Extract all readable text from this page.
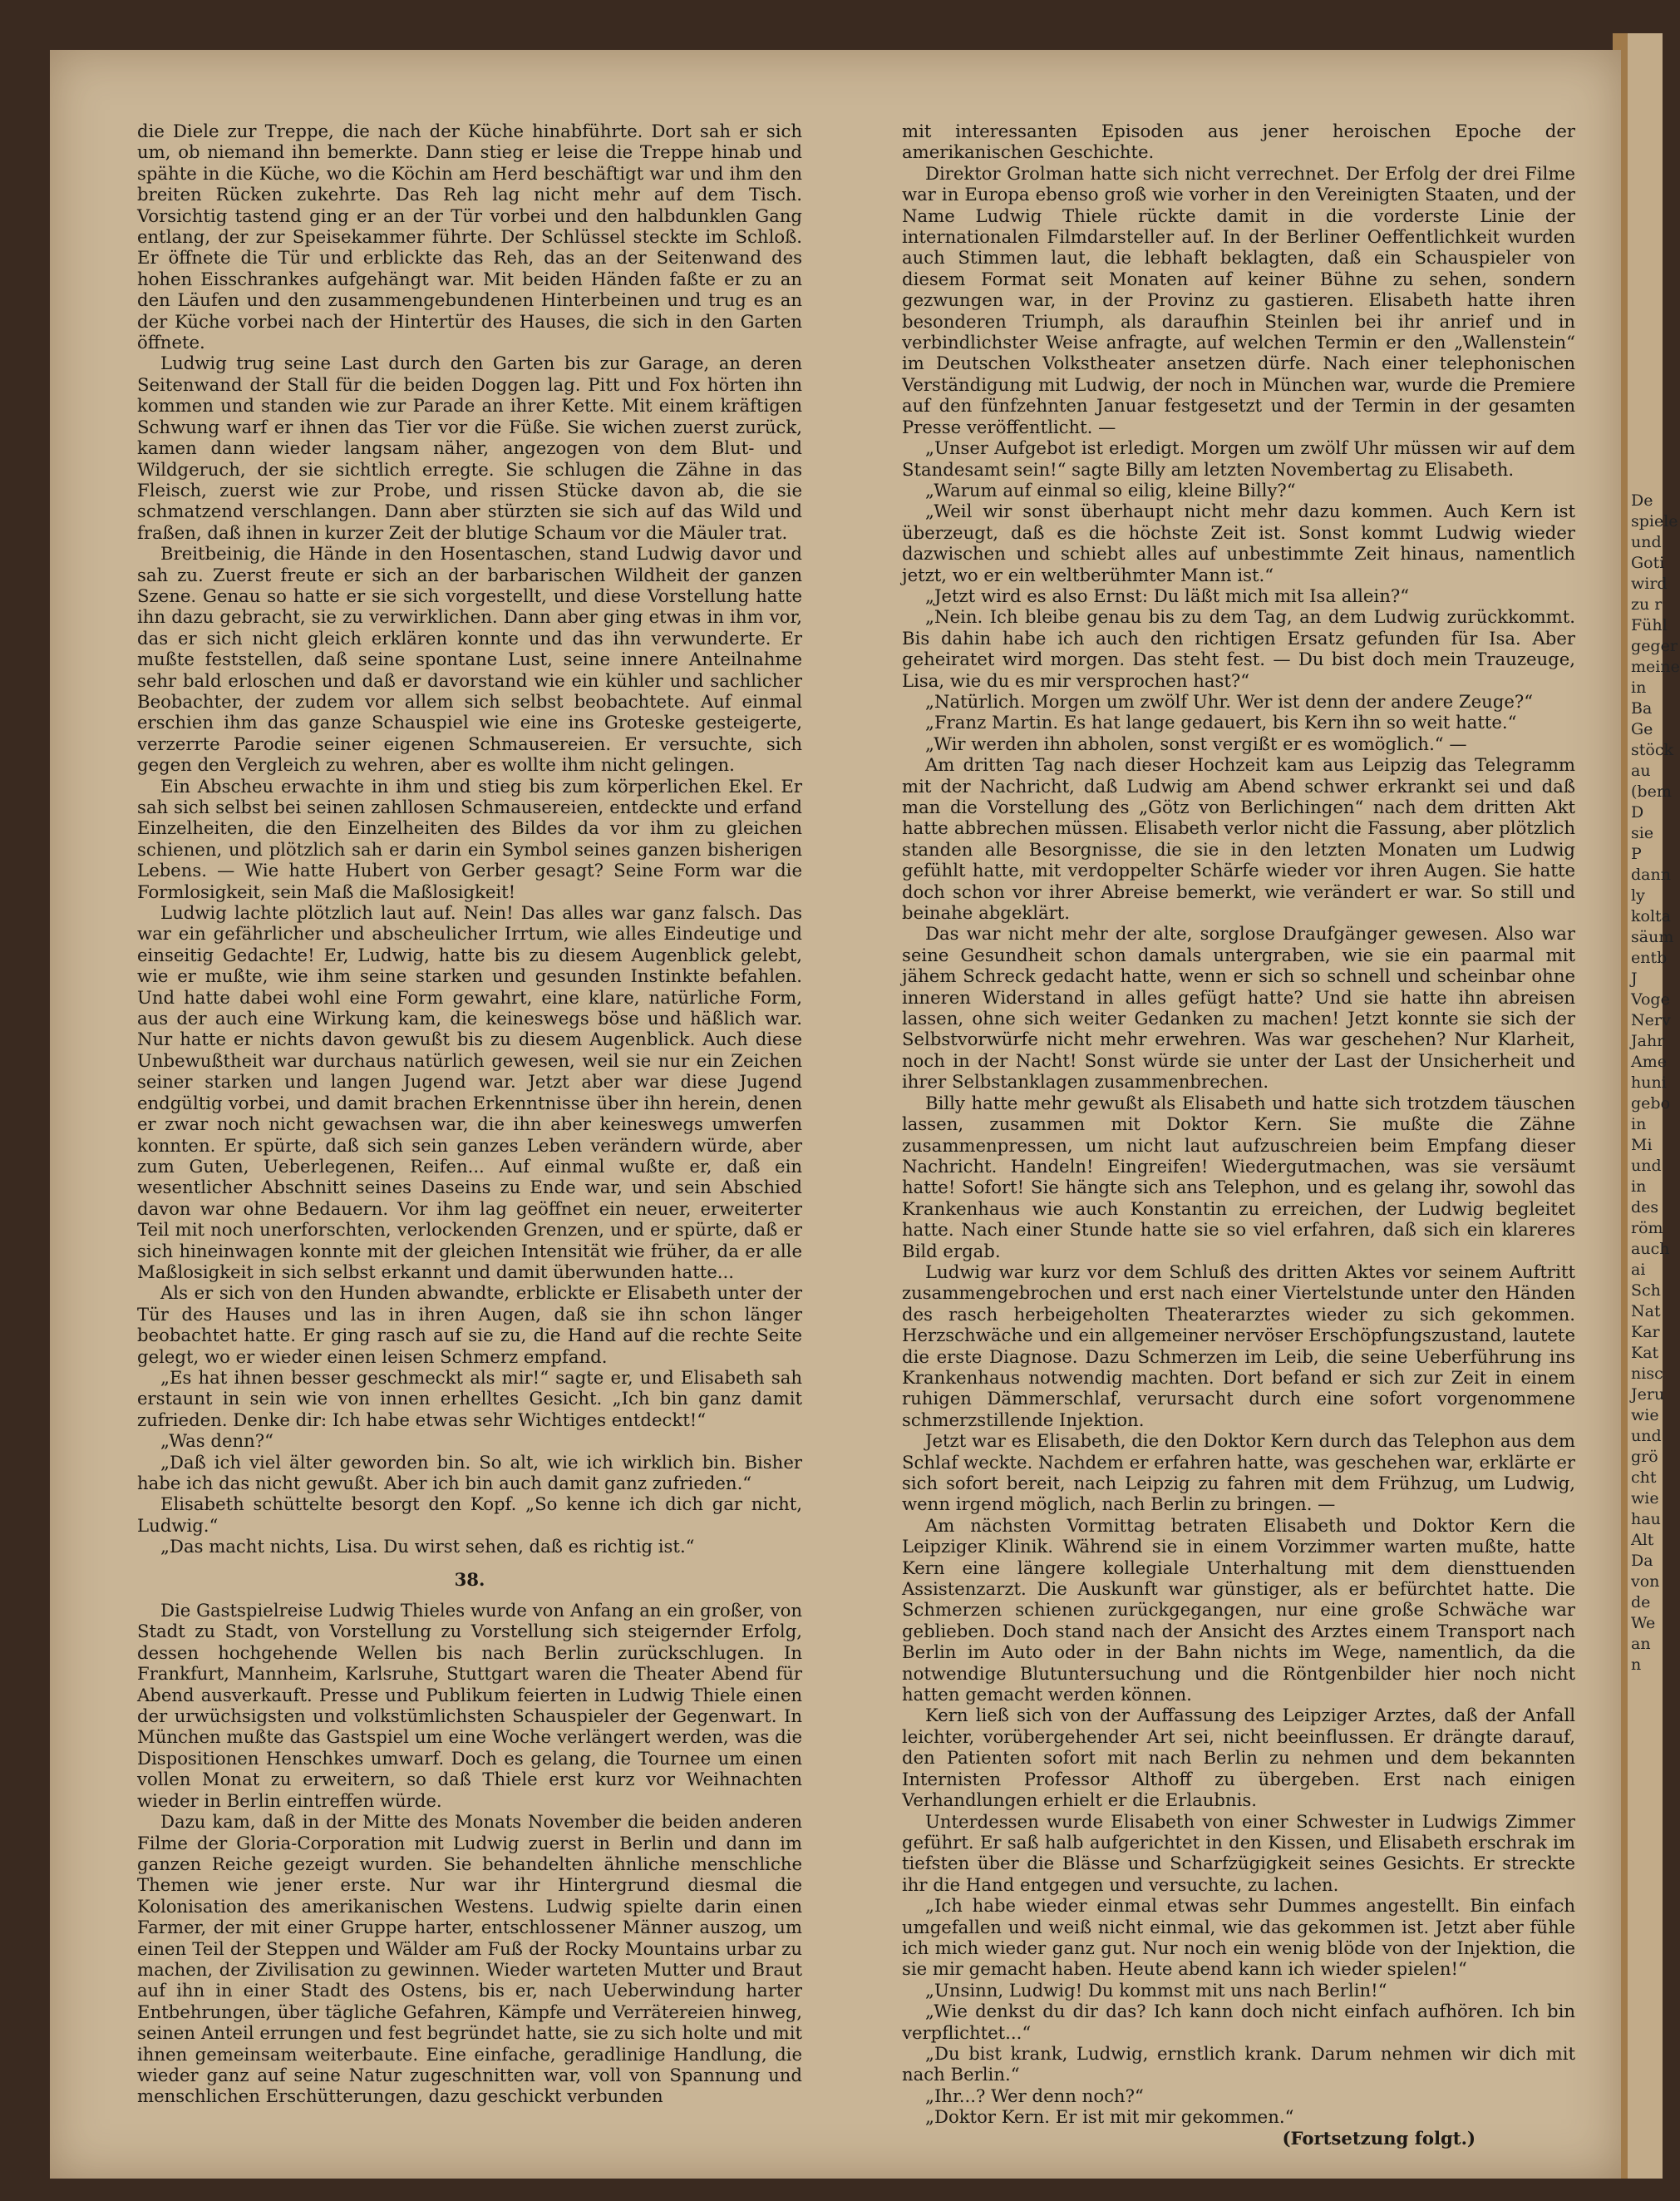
De
spiele
und
Goti
wird
zu r
Fühl
geger
meine
in
Ba
Ge
stöck
au
(bem
D
sie
P
dann
ly
kolta
säum
entb
J
Voge
Nerv
Jahr
Ame
huni
gebo
in
Mi
und
in
des
röm
auch
ai
Sch
Nat
Kar
Kat
nisc
Jeru
wie
und
grö
cht
wie
hau
Alt
Da
von
de
We
an
n

die Diele zur Treppe, die nach der Küche hinabführte. Dort sah er sich um, ob niemand ihn bemerkte. Dann stieg er leise die Treppe hinab und spähte in die Küche, wo die Köchin am Herd beschäftigt war und ihm den breiten Rücken zukehrte. Das Reh lag nicht mehr auf dem Tisch. Vorsichtig tastend ging er an der Tür vorbei und den halbdunklen Gang entlang, der zur Speisekammer führte. Der Schlüssel steckte im Schloß. Er öffnete die Tür und erblickte das Reh, das an der Seitenwand des hohen Eisschrankes aufgehängt war. Mit beiden Händen faßte er zu an den Läufen und den zusammengebundenen Hinterbeinen und trug es an der Küche vorbei nach der Hintertür des Hauses, die sich in den Garten öffnete.

Ludwig trug seine Last durch den Garten bis zur Garage, an deren Seitenwand der Stall für die beiden Doggen lag. Pitt und Fox hörten ihn kommen und standen wie zur Parade an ihrer Kette. Mit einem kräftigen Schwung warf er ihnen das Tier vor die Füße. Sie wichen zuerst zurück, kamen dann wieder langsam näher, angezogen von dem Blut- und Wildgeruch, der sie sichtlich erregte. Sie schlugen die Zähne in das Fleisch, zuerst wie zur Probe, und rissen Stücke davon ab, die sie schmatzend verschlangen. Dann aber stürzten sie sich auf das Wild und fraßen, daß ihnen in kurzer Zeit der blutige Schaum vor die Mäuler trat.

Breitbeinig, die Hände in den Hosentaschen, stand Ludwig davor und sah zu. Zuerst freute er sich an der barbarischen Wildheit der ganzen Szene. Genau so hatte er sie sich vorgestellt, und diese Vorstellung hatte ihn dazu gebracht, sie zu verwirklichen. Dann aber ging etwas in ihm vor, das er sich nicht gleich erklären konnte und das ihn verwunderte. Er mußte feststellen, daß seine spontane Lust, seine innere Anteilnahme sehr bald erloschen und daß er davorstand wie ein kühler und sachlicher Beobachter, der zudem vor allem sich selbst beobachtete. Auf einmal erschien ihm das ganze Schauspiel wie eine ins Groteske gesteigerte, verzerrte Parodie seiner eigenen Schmausereien. Er versuchte, sich gegen den Vergleich zu wehren, aber es wollte ihm nicht gelingen.

Ein Abscheu erwachte in ihm und stieg bis zum körperlichen Ekel. Er sah sich selbst bei seinen zahllosen Schmausereien, entdeckte und erfand Einzelheiten, die den Einzelheiten des Bildes da vor ihm zu gleichen schienen, und plötzlich sah er darin ein Symbol seines ganzen bisherigen Lebens. — Wie hatte Hubert von Gerber gesagt? Seine Form war die Formlosigkeit, sein Maß die Maßlosigkeit!

Ludwig lachte plötzlich laut auf. Nein! Das alles war ganz falsch. Das war ein gefährlicher und abscheulicher Irrtum, wie alles Eindeutige und einseitig Gedachte! Er, Ludwig, hatte bis zu diesem Augenblick gelebt, wie er mußte, wie ihm seine starken und gesunden Instinkte befahlen. Und hatte dabei wohl eine Form gewahrt, eine klare, natürliche Form, aus der auch eine Wirkung kam, die keineswegs böse und häßlich war. Nur hatte er nichts davon gewußt bis zu diesem Augenblick. Auch diese Unbewußtheit war durchaus natürlich gewesen, weil sie nur ein Zeichen seiner starken und langen Jugend war. Jetzt aber war diese Jugend endgültig vorbei, und damit brachen Erkenntnisse über ihn herein, denen er zwar noch nicht gewachsen war, die ihn aber keineswegs umwerfen konnten. Er spürte, daß sich sein ganzes Leben verändern würde, aber zum Guten, Ueberlegenen, Reifen... Auf einmal wußte er, daß ein wesentlicher Abschnitt seines Daseins zu Ende war, und sein Abschied davon war ohne Bedauern. Vor ihm lag geöffnet ein neuer, erweiterter Teil mit noch unerforschten, verlockenden Grenzen, und er spürte, daß er sich hineinwagen konnte mit der gleichen Intensität wie früher, da er alle Maßlosigkeit in sich selbst erkannt und damit überwunden hatte...

Als er sich von den Hunden abwandte, erblickte er Elisabeth unter der Tür des Hauses und las in ihren Augen, daß sie ihn schon länger beobachtet hatte. Er ging rasch auf sie zu, die Hand auf die rechte Seite gelegt, wo er wieder einen leisen Schmerz empfand.

„Es hat ihnen besser geschmeckt als mir!“ sagte er, und Elisabeth sah erstaunt in sein wie von innen erhelltes Gesicht. „Ich bin ganz damit zufrieden. Denke dir: Ich habe etwas sehr Wichtiges entdeckt!“

„Was denn?“

„Daß ich viel älter geworden bin. So alt, wie ich wirklich bin. Bisher habe ich das nicht gewußt. Aber ich bin auch damit ganz zufrieden.“

Elisabeth schüttelte besorgt den Kopf. „So kenne ich dich gar nicht, Ludwig.“

„Das macht nichts, Lisa. Du wirst sehen, daß es richtig ist.“

38.

Die Gastspielreise Ludwig Thieles wurde von Anfang an ein großer, von Stadt zu Stadt, von Vorstellung zu Vorstellung sich steigernder Erfolg, dessen hochgehende Wellen bis nach Berlin zurückschlugen. In Frankfurt, Mannheim, Karlsruhe, Stuttgart waren die Theater Abend für Abend ausverkauft. Presse und Publikum feierten in Ludwig Thiele einen der urwüchsigsten und volkstümlichsten Schauspieler der Gegenwart. In München mußte das Gastspiel um eine Woche verlängert werden, was die Dispositionen Henschkes umwarf. Doch es gelang, die Tournee um einen vollen Monat zu erweitern, so daß Thiele erst kurz vor Weihnachten wieder in Berlin eintreffen würde.

Dazu kam, daß in der Mitte des Monats November die beiden anderen Filme der Gloria-Corporation mit Ludwig zuerst in Berlin und dann im ganzen Reiche gezeigt wurden. Sie behandelten ähnliche menschliche Themen wie jener erste. Nur war ihr Hintergrund diesmal die Kolonisation des amerikanischen Westens. Ludwig spielte darin einen Farmer, der mit einer Gruppe harter, entschlossener Männer auszog, um einen Teil der Steppen und Wälder am Fuß der Rocky Mountains urbar zu machen, der Zivilisation zu gewinnen. Wieder warteten Mutter und Braut auf ihn in einer Stadt des Ostens, bis er, nach Ueberwindung harter Entbehrungen, über tägliche Gefahren, Kämpfe und Verrätereien hinweg, seinen Anteil errungen und fest begründet hatte, sie zu sich holte und mit ihnen gemeinsam weiterbaute. Eine einfache, geradlinige Handlung, die wieder ganz auf seine Natur zugeschnitten war, voll von Spannung und menschlichen Erschütterungen, dazu geschickt verbunden

mit interessanten Episoden aus jener heroischen Epoche der amerikanischen Geschichte.

Direktor Grolman hatte sich nicht verrechnet. Der Erfolg der drei Filme war in Europa ebenso groß wie vorher in den Vereinigten Staaten, und der Name Ludwig Thiele rückte damit in die vorderste Linie der internationalen Filmdarsteller auf. In der Berliner Oeffentlichkeit wurden auch Stimmen laut, die lebhaft beklagten, daß ein Schauspieler von diesem Format seit Monaten auf keiner Bühne zu sehen, sondern gezwungen war, in der Provinz zu gastieren. Elisabeth hatte ihren besonderen Triumph, als daraufhin Steinlen bei ihr anrief und in verbindlichster Weise anfragte, auf welchen Termin er den „Wallenstein“ im Deutschen Volkstheater ansetzen dürfe. Nach einer telephonischen Verständigung mit Ludwig, der noch in München war, wurde die Premiere auf den fünfzehnten Januar festgesetzt und der Termin in der gesamten Presse veröffentlicht. —

„Unser Aufgebot ist erledigt. Morgen um zwölf Uhr müssen wir auf dem Standesamt sein!“ sagte Billy am letzten Novembertag zu Elisabeth.

„Warum auf einmal so eilig, kleine Billy?“

„Weil wir sonst überhaupt nicht mehr dazu kommen. Auch Kern ist überzeugt, daß es die höchste Zeit ist. Sonst kommt Ludwig wieder dazwischen und schiebt alles auf unbestimmte Zeit hinaus, namentlich jetzt, wo er ein weltberühmter Mann ist.“

„Jetzt wird es also Ernst: Du läßt mich mit Isa allein?“

„Nein. Ich bleibe genau bis zu dem Tag, an dem Ludwig zurückkommt. Bis dahin habe ich auch den richtigen Ersatz gefunden für Isa. Aber geheiratet wird morgen. Das steht fest. — Du bist doch mein Trauzeuge, Lisa, wie du es mir versprochen hast?“

„Natürlich. Morgen um zwölf Uhr. Wer ist denn der andere Zeuge?“

„Franz Martin. Es hat lange gedauert, bis Kern ihn so weit hatte.“

„Wir werden ihn abholen, sonst vergißt er es womöglich.“ —

Am dritten Tag nach dieser Hochzeit kam aus Leipzig das Telegramm mit der Nachricht, daß Ludwig am Abend schwer erkrankt sei und daß man die Vorstellung des „Götz von Berlichingen“ nach dem dritten Akt hatte abbrechen müssen. Elisabeth verlor nicht die Fassung, aber plötzlich standen alle Besorgnisse, die sie in den letzten Monaten um Ludwig gefühlt hatte, mit verdoppelter Schärfe wieder vor ihren Augen. Sie hatte doch schon vor ihrer Abreise bemerkt, wie verändert er war. So still und beinahe abgeklärt.

Das war nicht mehr der alte, sorglose Draufgänger gewesen. Also war seine Gesundheit schon damals untergraben, wie sie ein paarmal mit jähem Schreck gedacht hatte, wenn er sich so schnell und scheinbar ohne inneren Widerstand in alles gefügt hatte? Und sie hatte ihn abreisen lassen, ohne sich weiter Gedanken zu machen! Jetzt konnte sie sich der Selbstvorwürfe nicht mehr erwehren. Was war geschehen? Nur Klarheit, noch in der Nacht! Sonst würde sie unter der Last der Unsicherheit und ihrer Selbstanklagen zusammenbrechen.

Billy hatte mehr gewußt als Elisabeth und hatte sich trotzdem täuschen lassen, zusammen mit Doktor Kern. Sie mußte die Zähne zusammenpressen, um nicht laut aufzuschreien beim Empfang dieser Nachricht. Handeln! Eingreifen! Wiedergutmachen, was sie versäumt hatte! Sofort! Sie hängte sich ans Telephon, und es gelang ihr, sowohl das Krankenhaus wie auch Konstantin zu erreichen, der Ludwig begleitet hatte. Nach einer Stunde hatte sie so viel erfahren, daß sich ein klareres Bild ergab.

Ludwig war kurz vor dem Schluß des dritten Aktes vor seinem Auftritt zusammengebrochen und erst nach einer Viertelstunde unter den Händen des rasch herbeigeholten Theaterarztes wieder zu sich gekommen. Herzschwäche und ein allgemeiner nervöser Erschöpfungszustand, lautete die erste Diagnose. Dazu Schmerzen im Leib, die seine Ueberführung ins Krankenhaus notwendig machten. Dort befand er sich zur Zeit in einem ruhigen Dämmerschlaf, verursacht durch eine sofort vorgenommene schmerzstillende Injektion.

Jetzt war es Elisabeth, die den Doktor Kern durch das Telephon aus dem Schlaf weckte. Nachdem er erfahren hatte, was geschehen war, erklärte er sich sofort bereit, nach Leipzig zu fahren mit dem Frühzug, um Ludwig, wenn irgend möglich, nach Berlin zu bringen. —

Am nächsten Vormittag betraten Elisabeth und Doktor Kern die Leipziger Klinik. Während sie in einem Vorzimmer warten mußte, hatte Kern eine längere kollegiale Unterhaltung mit dem diensttuenden Assistenzarzt. Die Auskunft war günstiger, als er befürchtet hatte. Die Schmerzen schienen zurückgegangen, nur eine große Schwäche war geblieben. Doch stand nach der Ansicht des Arztes einem Transport nach Berlin im Auto oder in der Bahn nichts im Wege, namentlich, da die notwendige Blutuntersuchung und die Röntgenbilder hier noch nicht hatten gemacht werden können.

Kern ließ sich von der Auffassung des Leipziger Arztes, daß der Anfall leichter, vorübergehender Art sei, nicht beeinflussen. Er drängte darauf, den Patienten sofort mit nach Berlin zu nehmen und dem bekannten Internisten Professor Althoff zu übergeben. Erst nach einigen Verhandlungen erhielt er die Erlaubnis.

Unterdessen wurde Elisabeth von einer Schwester in Ludwigs Zimmer geführt. Er saß halb aufgerichtet in den Kissen, und Elisabeth erschrak im tiefsten über die Blässe und Scharfzügigkeit seines Gesichts. Er streckte ihr die Hand entgegen und versuchte, zu lachen.

„Ich habe wieder einmal etwas sehr Dummes angestellt. Bin einfach umgefallen und weiß nicht einmal, wie das gekommen ist. Jetzt aber fühle ich mich wieder ganz gut. Nur noch ein wenig blöde von der Injektion, die sie mir gemacht haben. Heute abend kann ich wieder spielen!“

„Unsinn, Ludwig! Du kommst mit uns nach Berlin!“

„Wie denkst du dir das? Ich kann doch nicht einfach aufhören. Ich bin verpflichtet...“

„Du bist krank, Ludwig, ernstlich krank. Darum nehmen wir dich mit nach Berlin.“

„Ihr...? Wer denn noch?“

„Doktor Kern. Er ist mit mir gekommen.“

(Fortsetzung folgt.)
